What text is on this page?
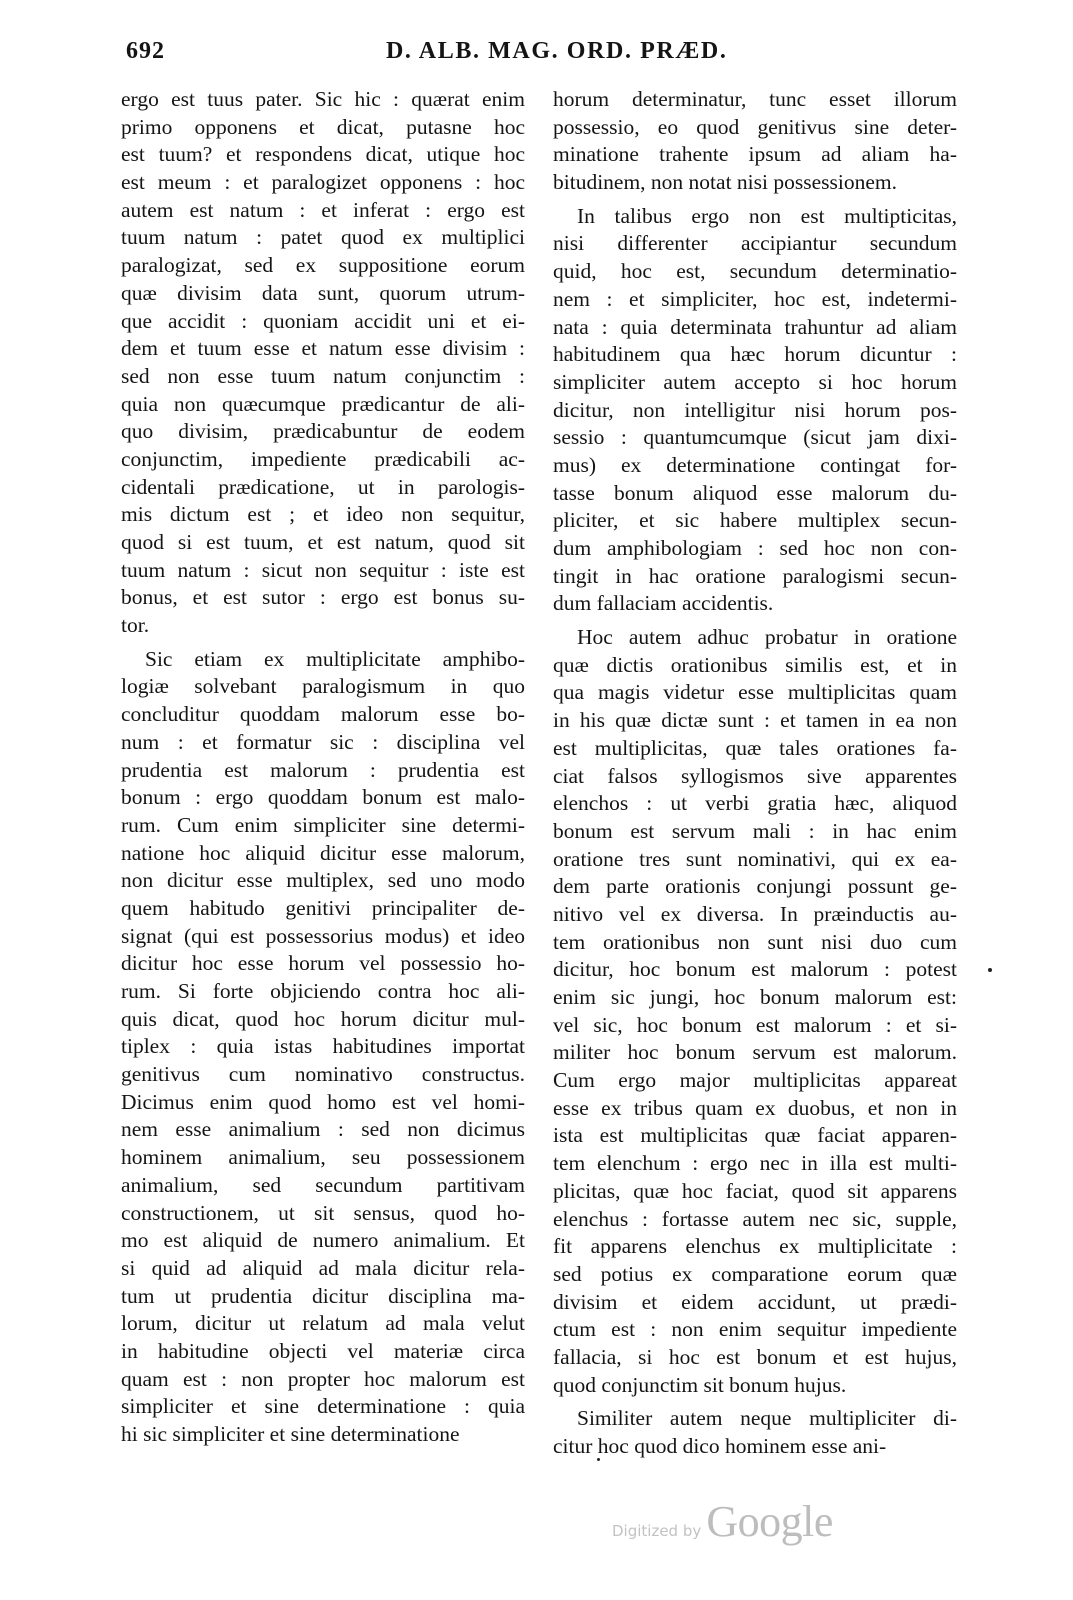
692	D. ALB. MAG. ORD. PRÆD.
ergo est tuus pater. Sic hic : quærat enim
primo opponens et dicat, putasne hoc
est tuum? et respondens dicat, utique hoc
est meum : et paralogizet opponens : hoc
autem est natum : et inferat : ergo est
tuum natum : patet quod ex multiplici
paralogizat, sed ex suppositione eorum
quæ divisim data sunt, quorum utrum-
que accidit : quoniam accidit uni et ei-
dem et tuum esse et natum esse divisim :
sed non esse tuum natum conjunctim :
quia non quæcumque prædicantur de ali-
quo divisim, prædicabuntur de eodem
conjunctim, impediente prædicabili ac-
cidentali prædicatione, ut in parologis-
mis dictum est ; et ideo non sequitur,
quod si est tuum, et est natum, quod sit
tuum natum : sicut non sequitur : iste est
bonus, et est sutor : ergo est bonus su-
tor.
Sic etiam ex multiplicitate amphibo-
logiæ solvebant paralogismum in quo
concluditur quoddam malorum esse bo-
num : et formatur sic : disciplina vel
prudentia est malorum : prudentia est
bonum : ergo quoddam bonum est malo-
rum. Cum enim simpliciter sine determi-
natione hoc aliquid dicitur esse malorum,
non dicitur esse multiplex, sed uno modo
quem habitudo genitivi principaliter de-
signat (qui est possessorius modus) et ideo
dicitur hoc esse horum vel possessio ho-
rum. Si forte objiciendo contra hoc ali-
quis dicat, quod hoc horum dicitur mul-
tiplex : quia istas habitudines importat
genitivus cum nominativo constructus.
Dicimus enim quod homo est vel homi-
nem esse animalium : sed non dicimus
hominem animalium, seu possessionem
animalium, sed secundum partitivam
constructionem, ut sit sensus, quod ho-
mo est aliquid de numero animalium. Et
si quid ad aliquid ad mala dicitur rela-
tum ut prudentia dicitur disciplina ma-
lorum, dicitur ut relatum ad mala velut
in habitudine objecti vel materiæ circa
quam est : non propter hoc malorum est
simpliciter et sine determinatione : quia
hi sic simpliciter et sine determinatione
horum determinatur, tunc esset illorum
possessio, eo quod genitivus sine deter-
minatione trahente ipsum ad aliam ha-
bitudinem, non notat nisi possessionem.
In talibus ergo non est multipticitas,
nisi differenter accipiantur secundum
quid, hoc est, secundum determinatio-
nem : et simpliciter, hoc est, indetermi-
nata : quia determinata trahuntur ad aliam
habitudinem qua hæc horum dicuntur :
simpliciter autem accepto si hoc horum
dicitur, non intelligitur nisi horum pos-
sessio : quantumcumque (sicut jam dixi-
mus) ex determinatione contingat for-
tasse bonum aliquod esse malorum du-
pliciter, et sic habere multiplex secun-
dum amphibologiam : sed hoc non con-
tingit in hac oratione paralogismi secun-
dum fallaciam accidentis.
Hoc autem adhuc probatur in oratione
quæ dictis orationibus similis est, et in
qua magis videtur esse multiplicitas quam
in his quæ dictæ sunt : et tamen in ea non
est multiplicitas, quæ tales orationes fa-
ciat falsos syllogismos sive apparentes
elenchos : ut verbi gratia hæc, aliquod
bonum est servum mali : in hac enim
oratione tres sunt nominativi, qui ex ea-
dem parte orationis conjungi possunt ge-
nitivo vel ex diversa. In præinductis au-
tem orationibus non sunt nisi duo cum
dicitur, hoc bonum est malorum : potest
enim sic jungi, hoc bonum malorum est:
vel sic, hoc bonum est malorum : et si-
militer hoc bonum servum est malorum.
Cum ergo major multiplicitas appareat
esse ex tribus quam ex duobus, et non in
ista est multiplicitas quæ faciat apparen-
tem elenchum : ergo nec in illa est multi-
plicitas, quæ hoc faciat, quod sit apparens
elenchus : fortasse autem nec sic, supple,
fit apparens elenchus ex multiplicitate :
sed potius ex comparatione eorum quæ
divisim et eidem accidunt, ut prædi-
ctum est : non enim sequitur impediente
fallacia, si hoc est bonum et est hujus,
quod conjunctim sit bonum hujus.
Similiter autem neque multipliciter di-
citur hoc quod dico hominem esse ani-
Digitized by Google
